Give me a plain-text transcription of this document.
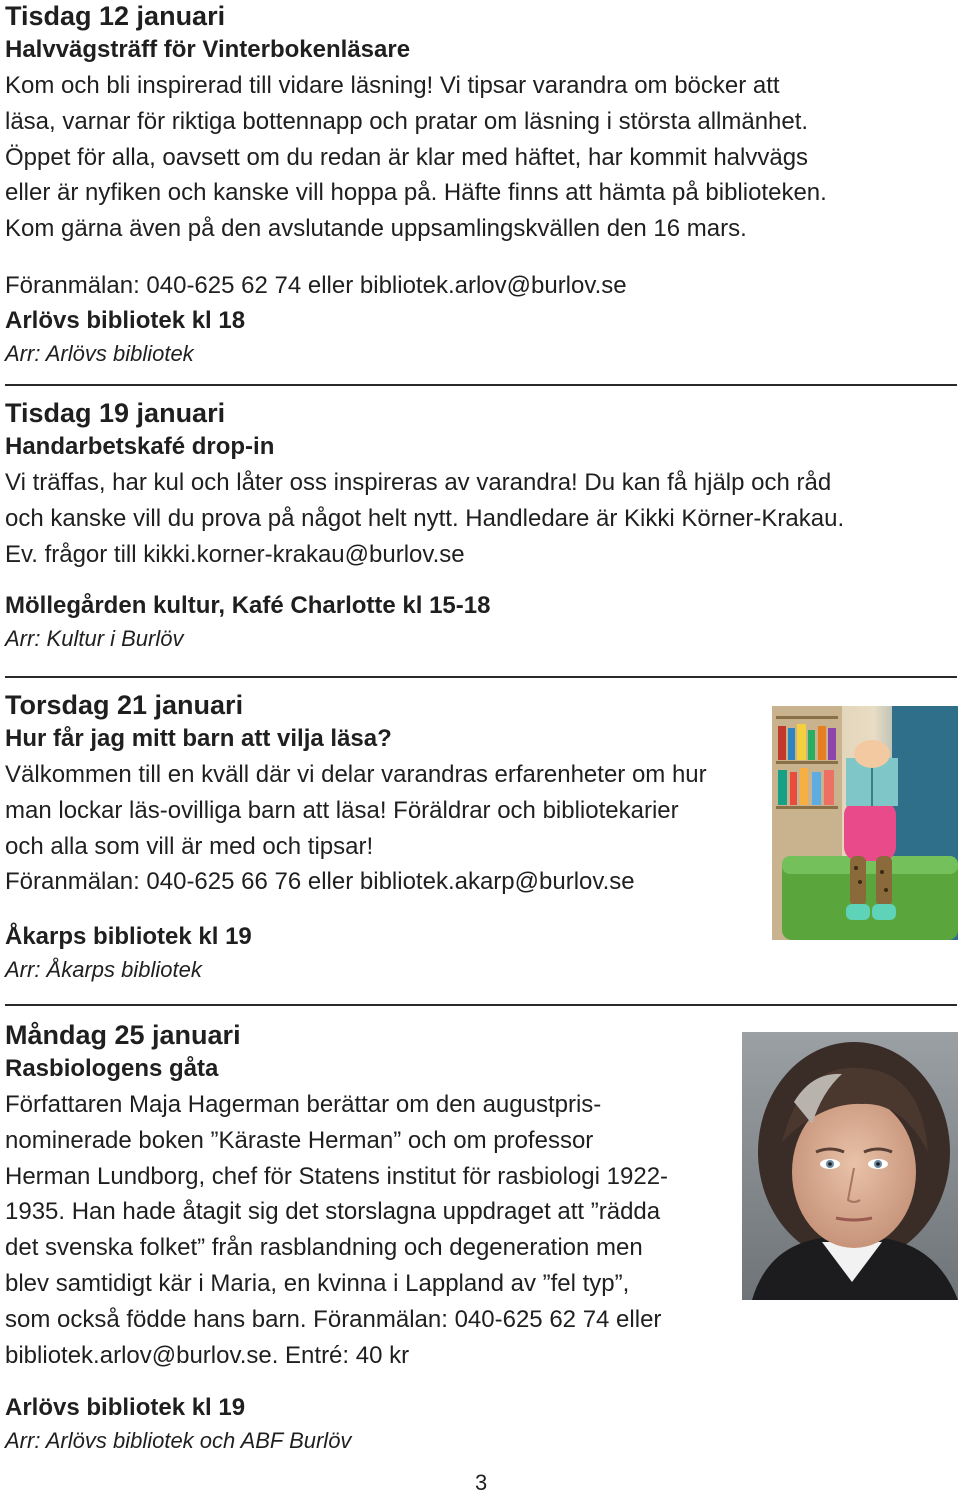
Tisdag 12 januari

Halvvägsträff för Vinterbokenläsare

Kom och bli inspirerad till vidare läsning! Vi tipsar varandra om böcker att

läsa, varnar för riktiga bottennapp och pratar om läsning i största allmänhet.

Öppet för alla, oavsett om du redan är klar med häftet, har kommit halvvägs

eller är nyfiken och kanske vill hoppa på. Häfte finns att hämta på biblioteken.

Kom gärna även på den avslutande uppsamlingskvällen den 16 mars.

Föranmälan: 040-625 62 74 eller bibliotek.arlov@burlov.se

Arlövs bibliotek kl 18

Arr: Arlövs bibliotek

Tisdag 19 januari

Handarbetskafé drop-in

Vi träffas, har kul och låter oss inspireras av varandra! Du kan få hjälp och råd

och kanske vill du prova på något helt nytt. Handledare är Kikki Körner-Krakau.

Ev. frågor till kikki.korner-krakau@burlov.se

Möllegården kultur, Kafé Charlotte kl 15-18

Arr: Kultur i Burlöv

Torsdag 21 januari

Hur får jag mitt barn att vilja läsa?

Välkommen till en kväll där vi delar varandras erfarenheter om hur

man lockar läs-ovilliga barn att läsa! Föräldrar och bibliotekarier

och alla som vill är med och tipsar!

Föranmälan: 040-625 66 76 eller bibliotek.akarp@burlov.se

Åkarps bibliotek kl 19

Arr: Åkarps bibliotek

Måndag 25 januari

Rasbiologens gåta

Författaren Maja Hagerman berättar om den augustpris-

nominerade boken ”Käraste Herman” och om professor

Herman Lundborg, chef för Statens institut för rasbiologi 1922-

1935. Han hade åtagit sig det storslagna uppdraget att ”rädda

det svenska folket” från rasblandning och degeneration men

blev samtidigt kär i Maria, en kvinna i Lappland av ”fel typ”,

som också födde hans barn. Föranmälan: 040-625 62 74 eller

bibliotek.arlov@burlov.se. Entré: 40 kr

Arlövs bibliotek kl 19

Arr: Arlövs bibliotek och ABF Burlöv

3
